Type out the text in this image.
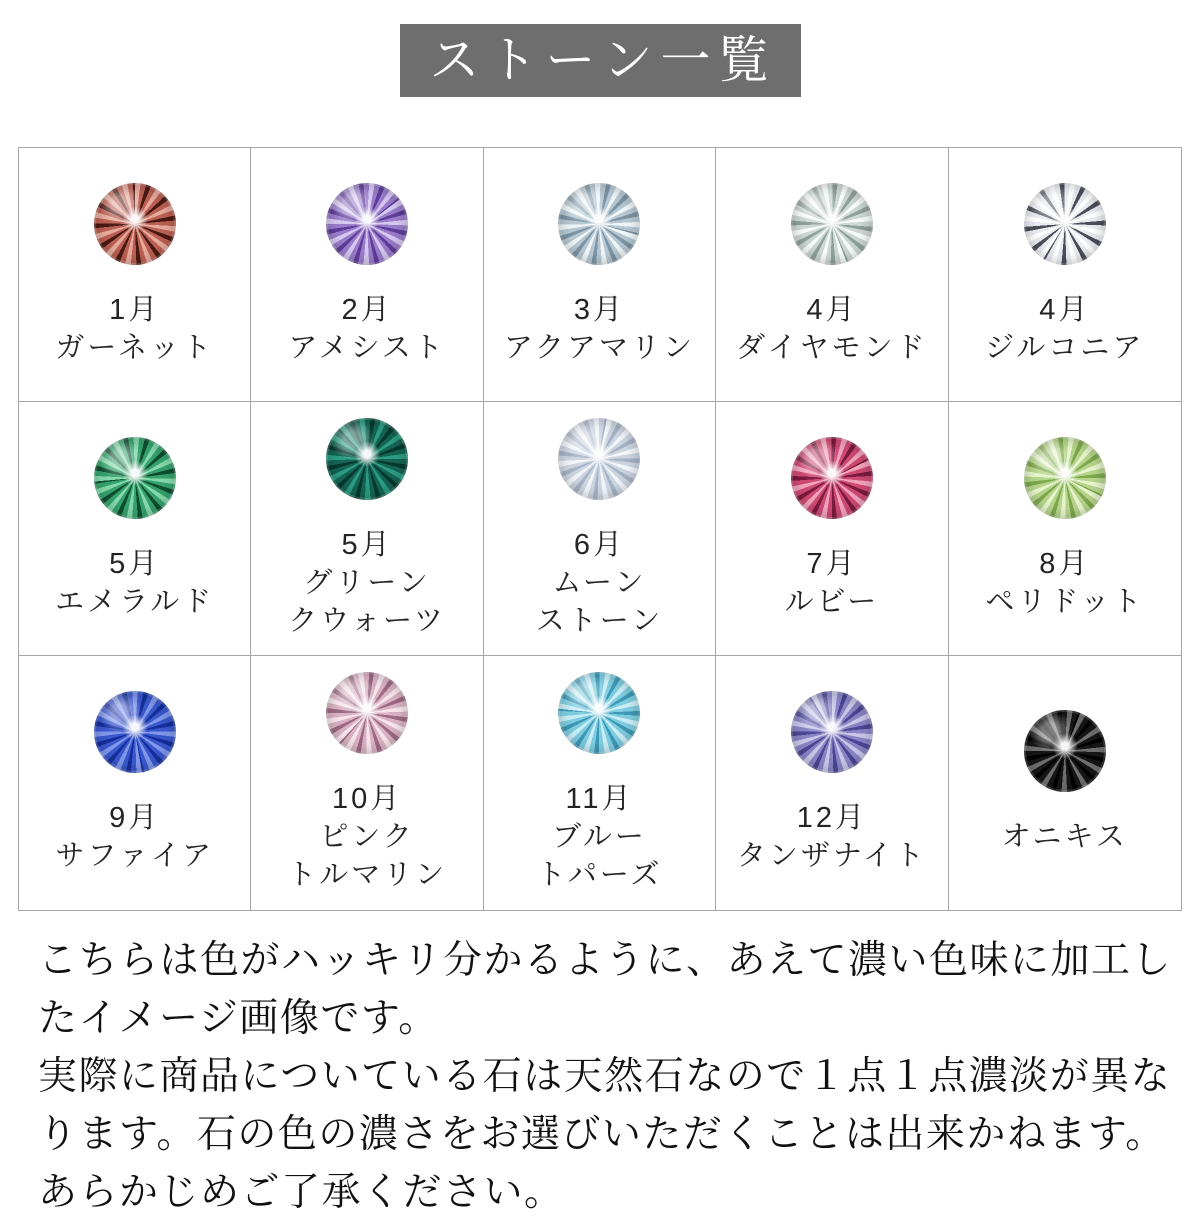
ストーン一覧
1月
ガーネット
2月
アメシスト
3月
アクアマリン
4月
ダイヤモンド
4月
ジルコニア
5月
エメラルド
5月
グリーン
クウォーツ
6月
ムーン
ストーン
7月
ルビー
8月
ペリドット
9月
サファイア
10月
ピンク
トルマリン
11月
ブルー
トパーズ
12月
タンザナイト
オニキス
こちらは色がハッキリ分かるように、あえて濃い色味に加工し
たイメージ画像です。
実際に商品についている石は天然石なので１点１点濃淡が異な
ります。石の色の濃さをお選びいただくことは出来かねます。
あらかじめご了承ください。
